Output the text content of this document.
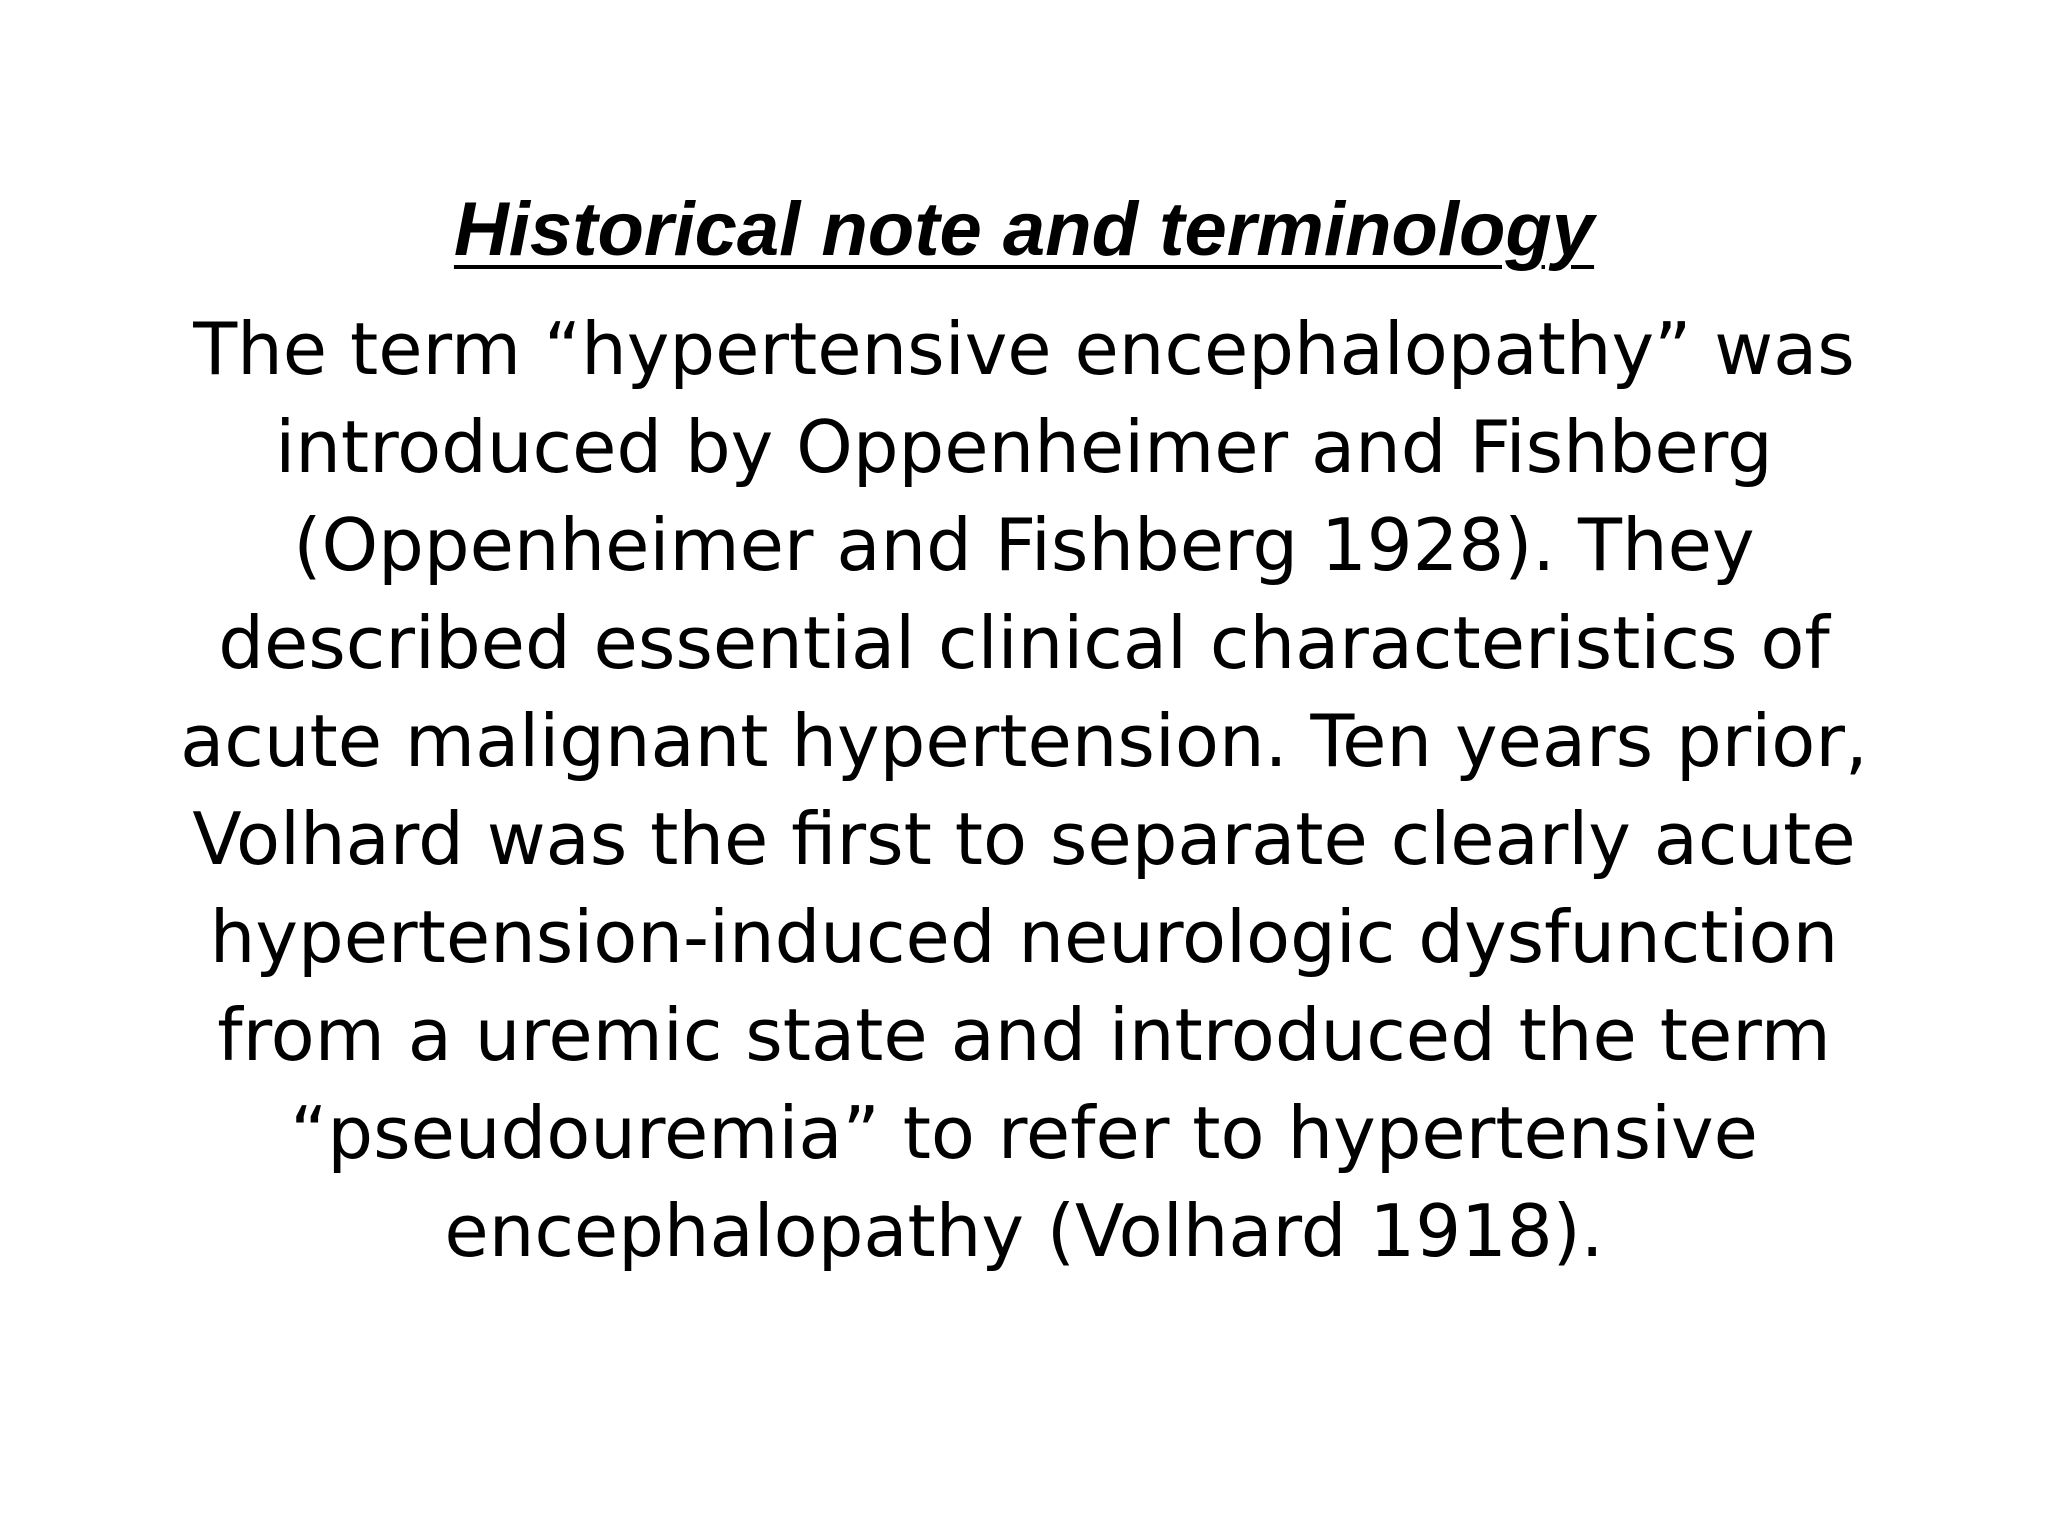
Historical note and terminology
The term “hypertensive encephalopathy” was
introduced by Oppenheimer and Fishberg
(Oppenheimer and Fishberg 1928). They
described essential clinical characteristics of
acute malignant hypertension. Ten years prior,
Volhard was the first to separate clearly acute
hypertension-induced neurologic dysfunction
from a uremic state and introduced the term
“pseudouremia” to refer to hypertensive
encephalopathy (Volhard 1918).
